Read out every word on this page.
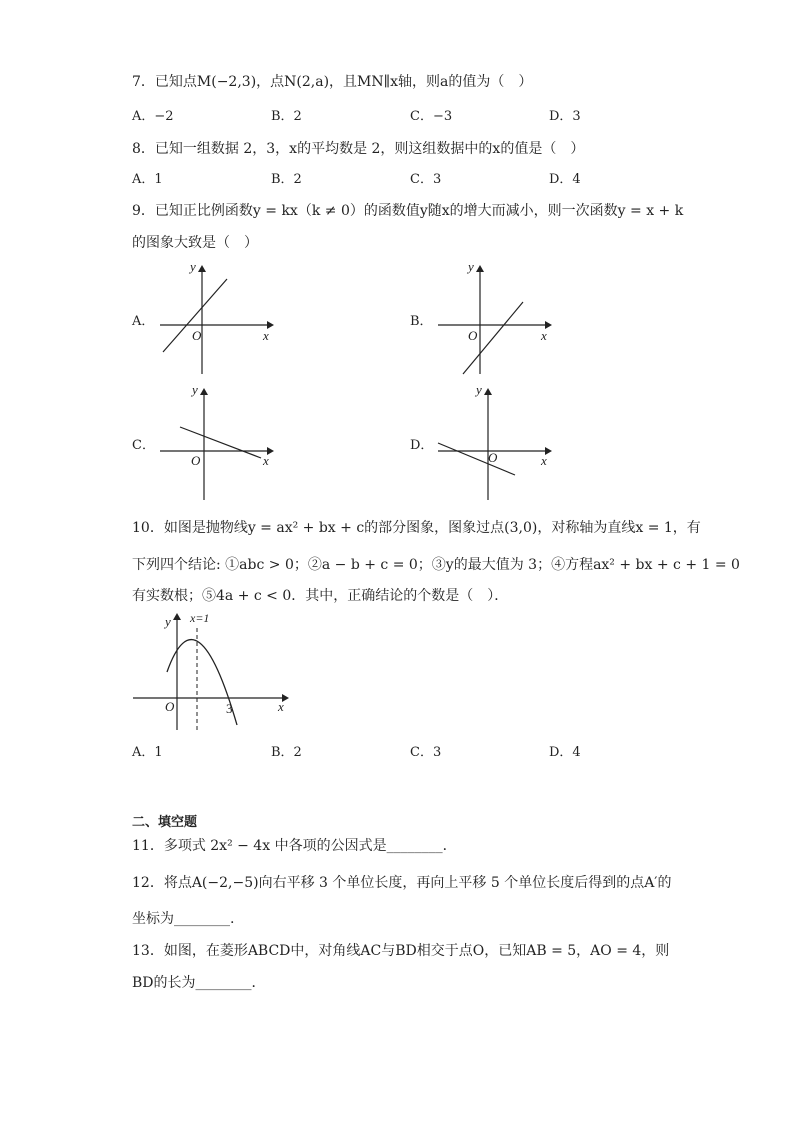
7．已知点M(−2,3)，点N(2,a)，且MN∥x轴，则a的值为（　）
A．−2	B．2	C．−3	D．3
8．已知一组数据 2，3，x的平均数是 2，则这组数据中的x的值是（　）
A．1	B．2	C．3	D．4
9．已知正比例函数y = kx（k ≠ 0）的函数值y随x的增大而减小，则一次函数y = x + k
的图象大致是（　）
A．
y
x
O
B．
y
x
O
C．
y
x
O
D．
y
x
O
10．如图是抛物线y = ax² + bx + c的部分图象，图象过点(3,0)，对称轴为直线x = 1，有
下列四个结论: ①abc > 0；②a − b + c = 0；③y的最大值为 3；④方程ax² + bx + c + 1 = 0
有实数根；⑤4a + c < 0．其中，正确结论的个数是（　）．
y
x
O	3
x=1
A．1	B．2	C．3	D．4
二、填空题
11．多项式 2x² − 4x 中各项的公因式是________．
12．将点A(−2,−5)向右平移 3 个单位长度，再向上平移 5 个单位长度后得到的点A′的
坐标为________.
13．如图，在菱形ABCD中，对角线AC与BD相交于点O，已知AB = 5，AO = 4，则
BD的长为________．
